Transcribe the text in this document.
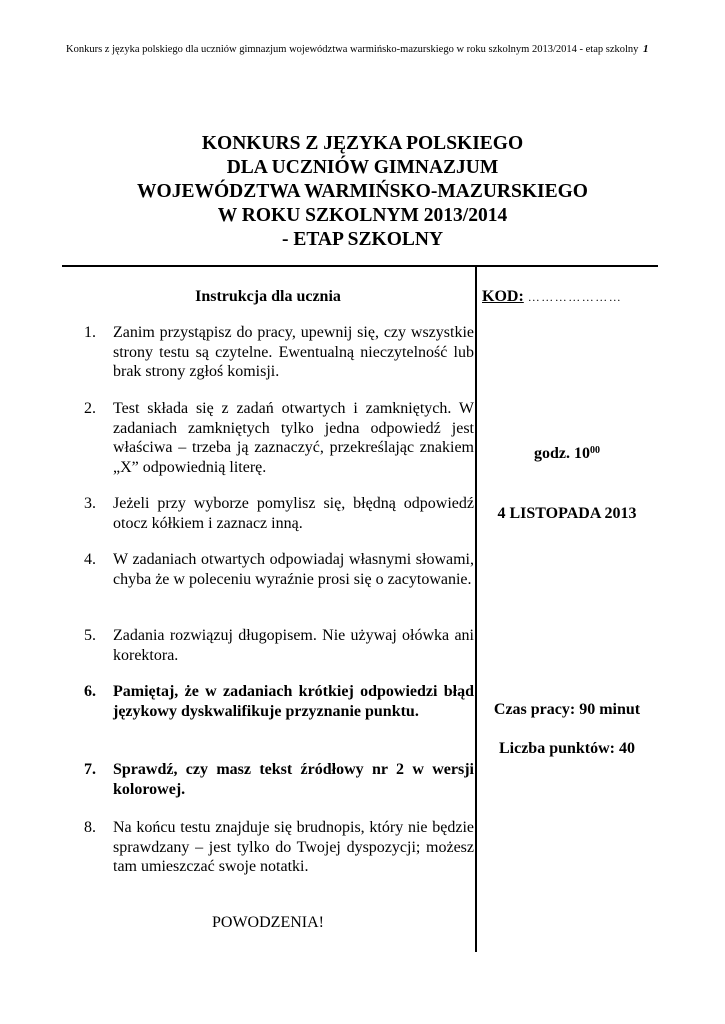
Konkurs z języka polskiego dla uczniów gimnazjum województwa warmińsko-mazurskiego w roku szkolnym 2013/2014 - etap szkolny 1
KONKURS Z JĘZYKA POLSKIEGO
DLA UCZNIÓW GIMNAZJUM
WOJEWÓDZTWA WARMIŃSKO-MAZURSKIEGO
W ROKU SZKOLNYM 2013/2014
- ETAP SZKOLNY
Instrukcja dla ucznia
1.	Zanim przystąpisz do pracy, upewnij się, czy wszystkie strony testu są czytelne. Ewentualną nieczytelność lub brak strony zgłoś komisji.
2.	Test składa się z zadań otwartych i zamkniętych. W zadaniach zamkniętych tylko jedna odpowiedź jest właściwa – trzeba ją zaznaczyć, przekreślając znakiem „X” odpowiednią literę.
3.	Jeżeli przy wyborze pomylisz się, błędną odpowiedź otocz kółkiem i zaznacz inną.
4.	W zadaniach otwartych odpowiadaj własnymi słowami, chyba że w poleceniu wyraźnie prosi się o zacytowanie.
5.	Zadania rozwiązuj długopisem. Nie używaj ołówka ani korektora.
6.	Pamiętaj, że w zadaniach krótkiej odpowiedzi błąd językowy dyskwalifikuje przyznanie punktu.
7.	Sprawdź, czy masz tekst źródłowy nr 2 w wersji kolorowej.
8.	Na końcu testu znajduje się brudnopis, który nie będzie sprawdzany – jest tylko do Twojej dyspozycji; możesz tam umieszczać swoje notatki.
POWODZENIA!
KOD: …………………
godz. $10^{00}$
4 LISTOPADA 2013
Czas pracy: 90 minut
Liczba punktów: 40
